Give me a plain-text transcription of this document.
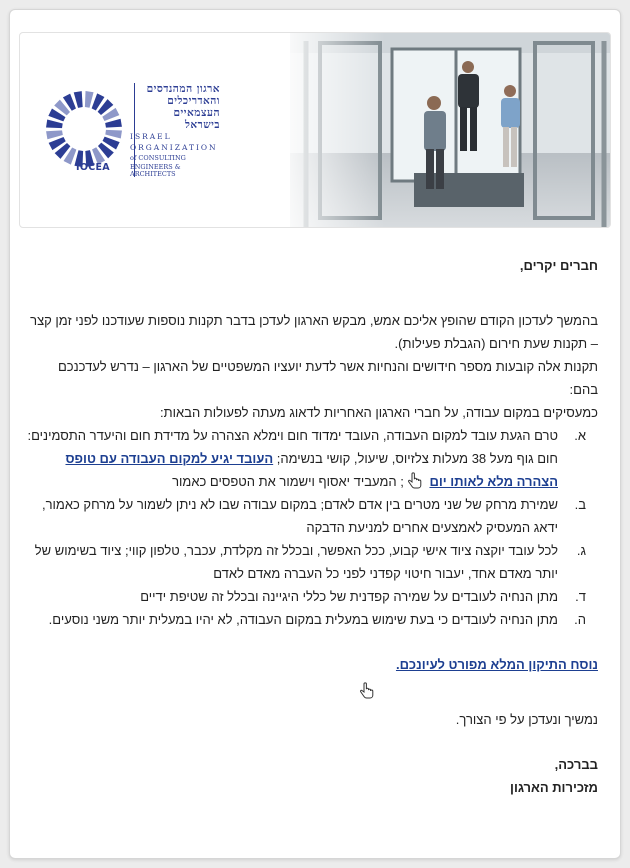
ארגון המהנדסים
והאדריכלים
העצמאיים
בישראל
ISRAEL
ORGANIZATION
of CONSULTING
ENGINEERS & ARCHITECTS
IOCEA

חברים יקרים,

בהמשך לעדכון הקודם שהופץ אליכם אמש, מבקש הארגון לעדכן בדבר תקנות נוספות שעודכנו לפני זמן קצר – תקנות שעת חירום (הגבלת פעילות).

תקנות אלה קובעות מספר חידושים והנחיות אשר לדעת יועציו המשפטיים של הארגון – נדרש לעדכנכם בהם:

כמעסיקים במקום עבודה, על חברי הארגון האחריות לדאוג מעתה לפעולות הבאות:

א.
טרם הגעת עובד למקום העבודה, העובד ימדוד חום וימלא הצהרה על מדידת חום והיעדר התסמינים: חום גוף מעל 38 מעלות צלזיוס, שיעול, קושי בנשימה; העובד יגיע למקום העבודה עם טופס הצהרה מלא לאותו יום ; המעביד יאסוף וישמור את הטפסים כאמור
ב.
שמירת מרחק של שני מטרים בין אדם לאדם; במקום עבודה שבו לא ניתן לשמור על מרחק כאמור, ידאג המעסיק לאמצעים אחרים למניעת הדבקה
ג.
לכל עובד יוקצה ציוד אישי קבוע, ככל האפשר, ובכלל זה מקלדת, עכבר, טלפון קווי; ציוד בשימוש של יותר מאדם אחד, יעבור חיטוי קפדני לפני כל העברה מאדם לאדם
ד.
מתן הנחיה לעובדים על שמירה קפדנית של כללי היגיינה ובכלל זה שטיפת ידיים
ה.
מתן הנחיה לעובדים כי בעת שימוש במעלית במקום העבודה, לא יהיו במעלית יותר משני נוסעים.

נוסח התיקון המלא מפורט לעיונכם.

נמשיך ונעדכן על פי הצורך.

בברכה,

מזכירות הארגון
